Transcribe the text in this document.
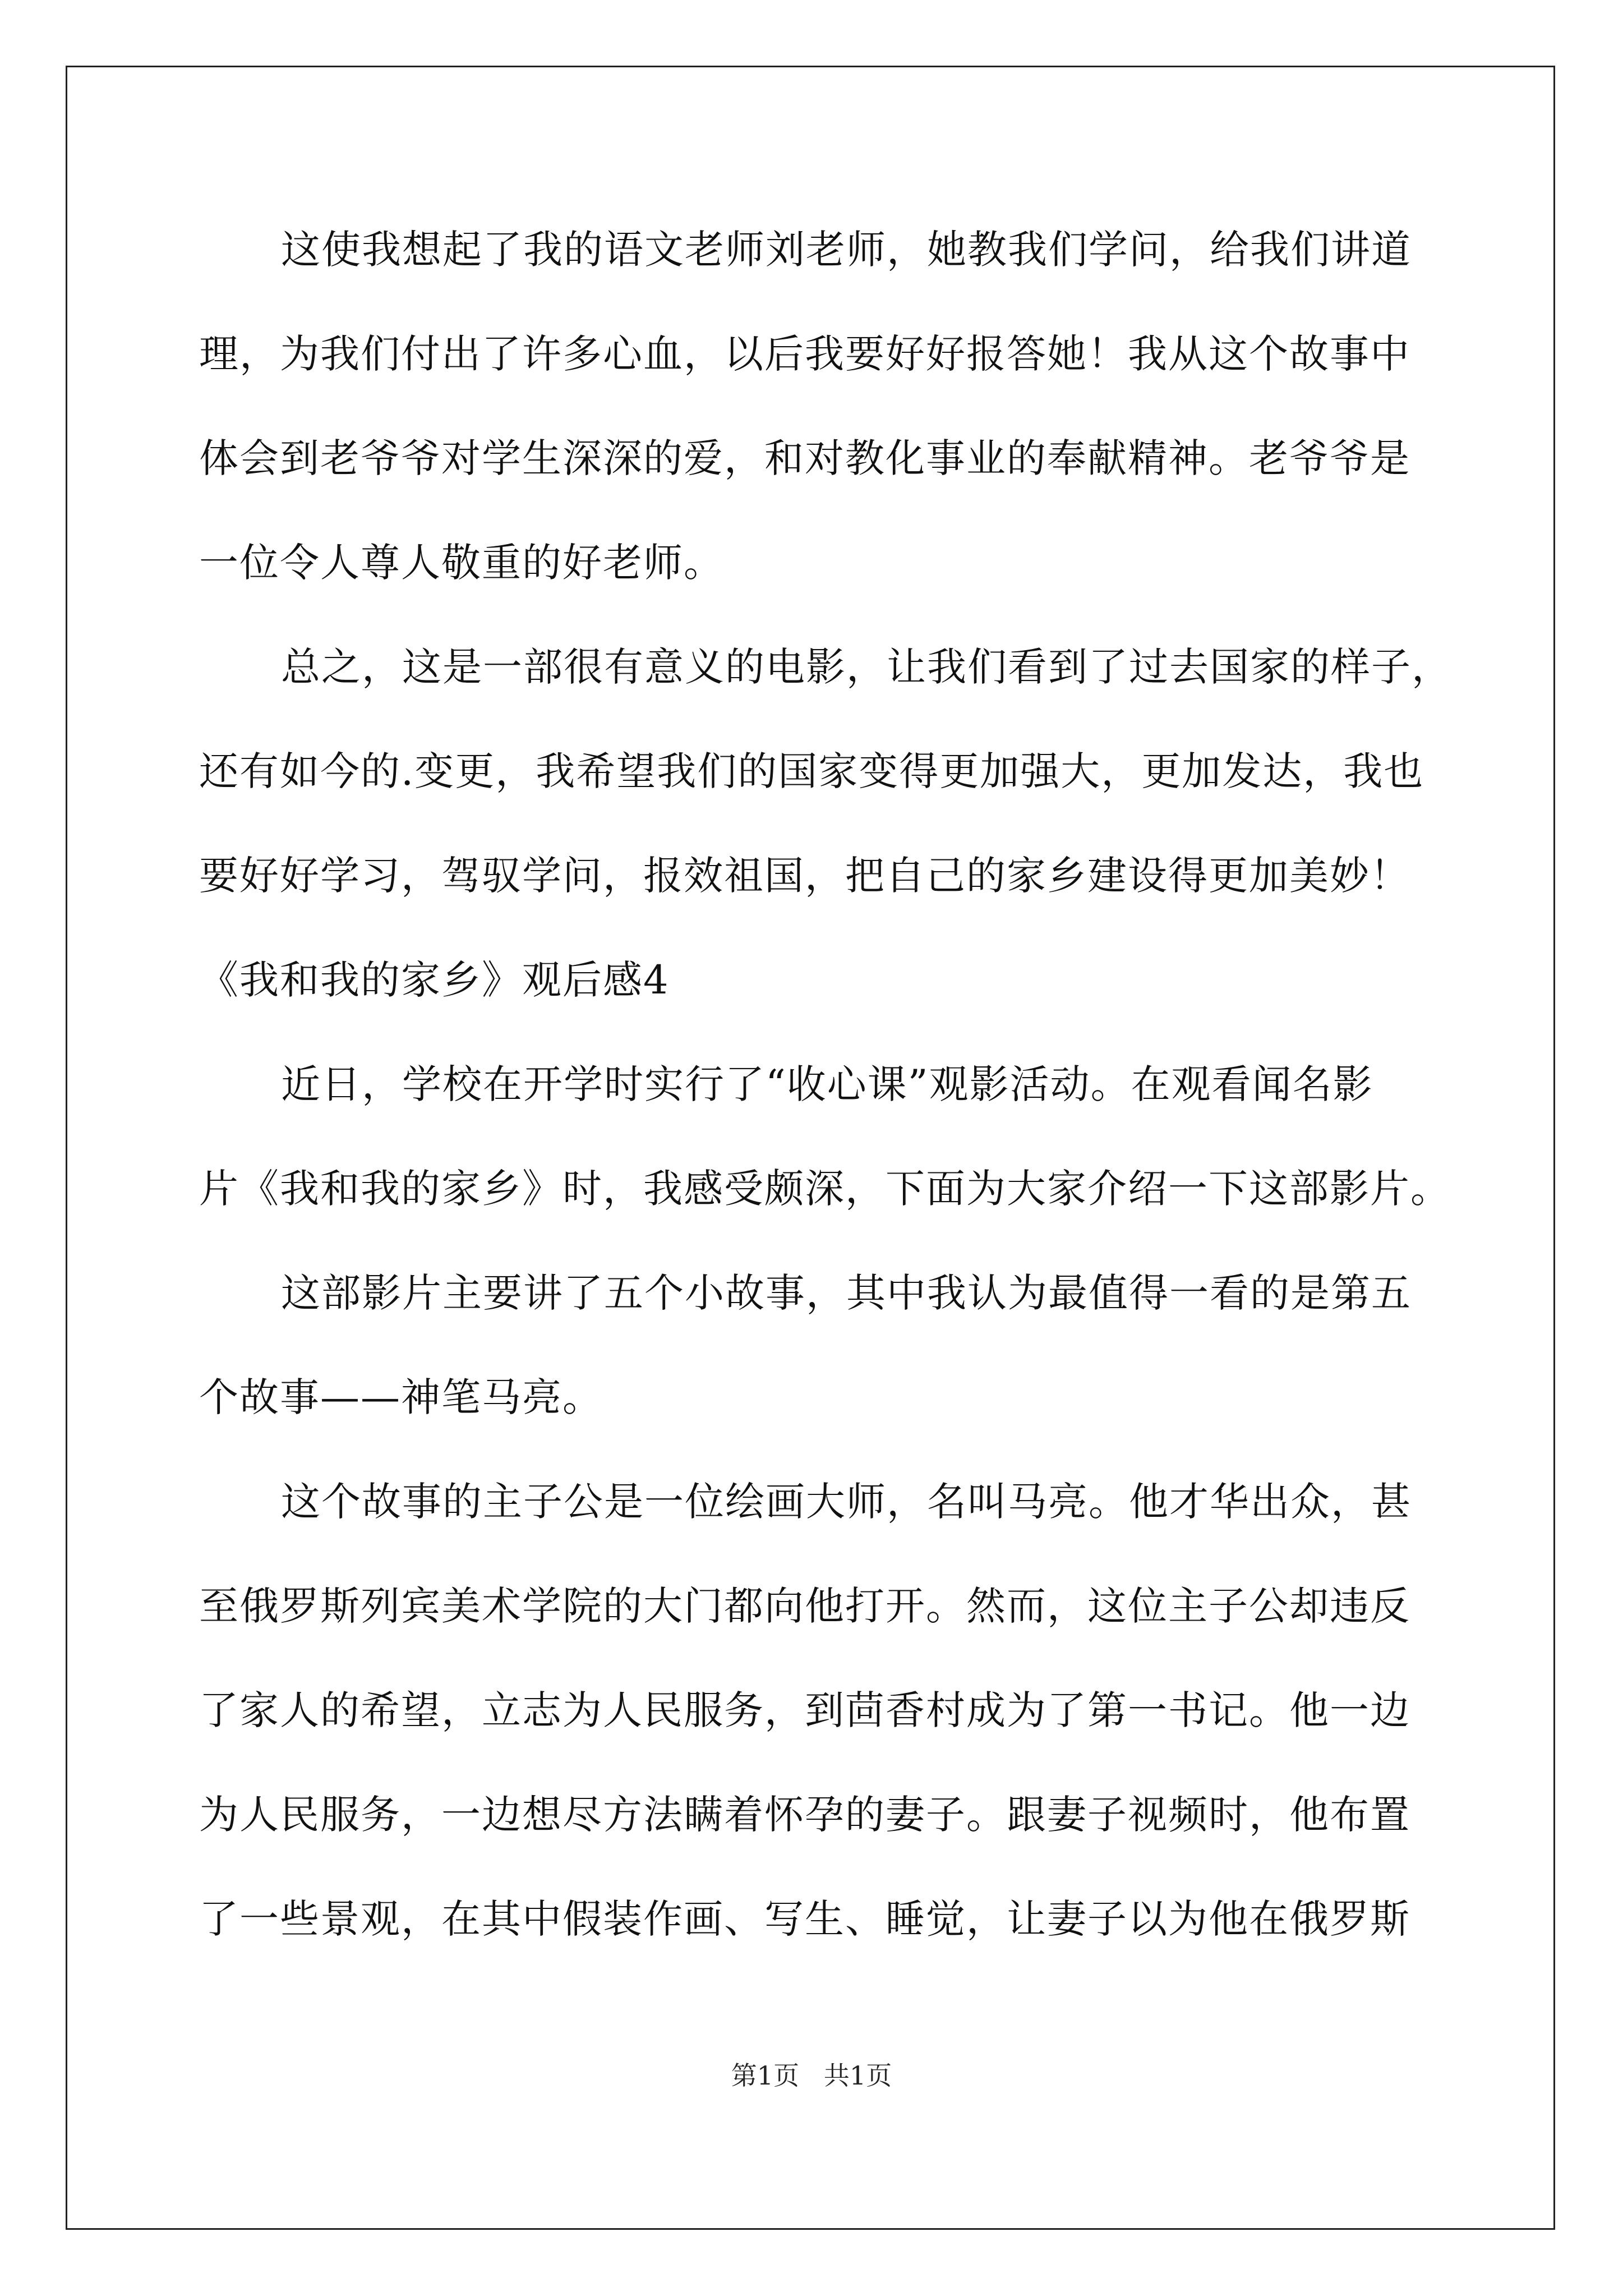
这使我想起了我的语文老师刘老师，她教我们学问，给我们讲道

理，为我们付出了许多心血，以后我要好好报答她！我从这个故事中

体会到老爷爷对学生深深的爱，和对教化事业的奉献精神。老爷爷是

一位令人尊人敬重的好老师。

总之，这是一部很有意义的电影，让我们看到了过去国家的样子，

还有如今的.变更，我希望我们的国家变得更加强大，更加发达，我也

要好好学习，驾驭学问，报效祖国，把自己的家乡建设得更加美妙！

《我和我的家乡》观后感4

近日，学校在开学时实行了“收心课”观影活动。在观看闻名影

片《我和我的家乡》时，我感受颇深，下面为大家介绍一下这部影片。

这部影片主要讲了五个小故事，其中我认为最值得一看的是第五

个故事——神笔马亮。

这个故事的主子公是一位绘画大师，名叫马亮。他才华出众，甚

至俄罗斯列宾美术学院的大门都向他打开。然而，这位主子公却违反

了家人的希望，立志为人民服务，到茴香村成为了第一书记。他一边

为人民服务，一边想尽方法瞒着怀孕的妻子。跟妻子视频时，他布置

了一些景观，在其中假装作画、写生、睡觉，让妻子以为他在俄罗斯

第1页   共1页
